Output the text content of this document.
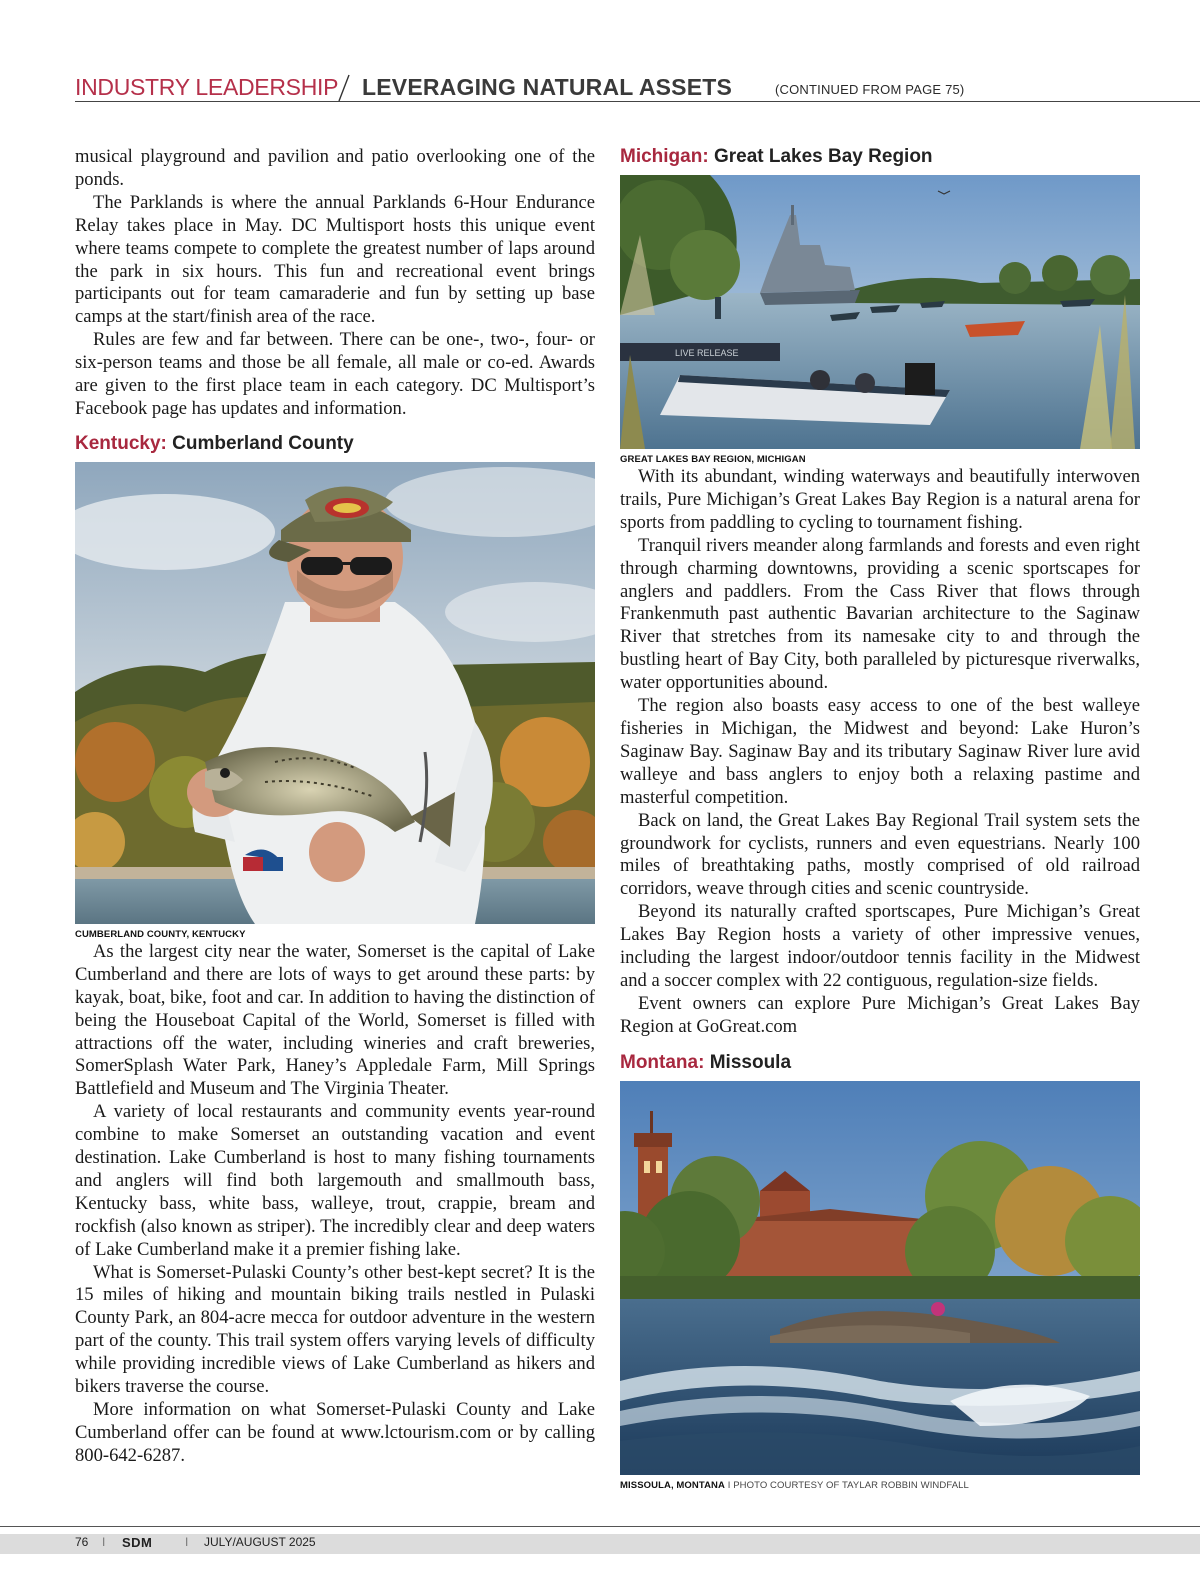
INDUSTRY LEADERSHIP LEVERAGING NATURAL ASSETS	(CONTINUED FROM PAGE 75)

musical playground and pavilion and patio overlooking one of the ponds.

The Parklands is where the annual Parklands 6-Hour Endurance Relay takes place in May. DC Multisport hosts this unique event where teams compete to complete the greatest number of laps around the park in six hours. This fun and recreational event brings participants out for team camaraderie and fun by setting up base camps at the start/finish area of the race.

Rules are few and far between. There can be one-, two-, four- or six-person teams and those be all female, all male or co-ed. Awards are given to the first place team in each category. DC Multisport’s Facebook page has updates and information.

Kentucky: Cumberland County
CUMBERLAND COUNTY, KENTUCKY

As the largest city near the water, Somerset is the capital of Lake Cumberland and there are lots of ways to get around these parts: by kayak, boat, bike, foot and car. In addition to having the distinction of being the Houseboat Capital of the World, Somerset is filled with attractions off the water, including wineries and craft breweries, SomerSplash Water Park, Haney’s Appledale Farm, Mill Springs Battlefield and Museum and The Virginia Theater.

A variety of local restaurants and community events year-round combine to make Somerset an outstanding vacation and event destination. Lake Cumberland is host to many fishing tournaments and anglers will find both largemouth and smallmouth bass, Kentucky bass, white bass, walleye, trout, crappie, bream and rockfish (also known as striper). The incredibly clear and deep waters of Lake Cumberland make it a premier fishing lake.

What is Somerset-Pulaski County’s other best-kept secret? It is the 15 miles of hiking and mountain biking trails nestled in Pulaski County Park, an 804-acre mecca for outdoor adventure in the western part of the county. This trail system offers varying levels of difficulty while providing incredible views of Lake Cumberland as hikers and bikers traverse the course.

More information on what Somerset-Pulaski County and Lake Cumberland offer can be found at www.lctourism.com or by calling 800-642-6287.

Michigan: Great Lakes Bay Region
LIVE RELEASE
GREAT LAKES BAY REGION, MICHIGAN

With its abundant, winding waterways and beautifully interwoven trails, Pure Michigan’s Great Lakes Bay Region is a natural arena for sports from paddling to cycling to tournament fishing.

Tranquil rivers meander along farmlands and forests and even right through charming downtowns, providing a scenic sportscapes for anglers and paddlers. From the Cass River that flows through Frankenmuth past authentic Bavarian architecture to the Saginaw River that stretches from its namesake city to and through the bustling heart of Bay City, both paralleled by picturesque riverwalks, water opportunities abound.

The region also boasts easy access to one of the best walleye fisheries in Michigan, the Midwest and beyond: Lake Huron’s Saginaw Bay. Saginaw Bay and its tributary Saginaw River lure avid walleye and bass anglers to enjoy both a relaxing pastime and masterful competition.

Back on land, the Great Lakes Bay Regional Trail system sets the groundwork for cyclists, runners and even equestrians. Nearly 100 miles of breathtaking paths, mostly comprised of old railroad corridors, weave through cities and scenic countryside.

Beyond its naturally crafted sportscapes, Pure Michigan’s Great Lakes Bay Region hosts a variety of other impressive venues, including the largest indoor/outdoor tennis facility in the Midwest and a soccer complex with 22 contiguous, regulation-size fields.

Event owners can explore Pure Michigan’s Great Lakes Bay Region at GoGreat.com

Montana: Missoula
MISSOULA, MONTANA I PHOTO COURTESY OF TAYLAR ROBBIN WINDFALL
76 I SDM	I JULY/AUGUST 2025
